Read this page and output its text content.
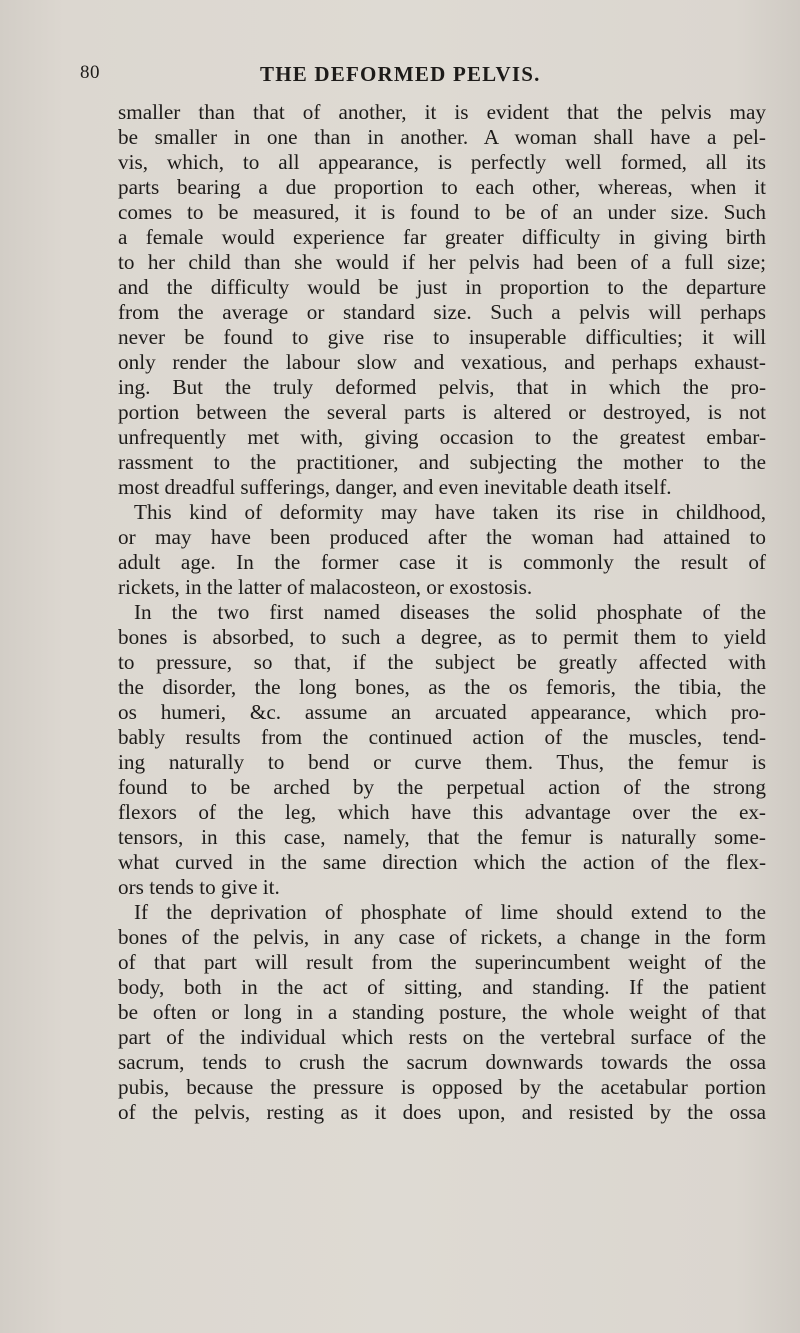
80	THE DEFORMED PELVIS.
smaller than that of another, it is evident that the pelvis may
be smaller in one than in another. A woman shall have a pel-
vis, which, to all appearance, is perfectly well formed, all its
parts bearing a due proportion to each other, whereas, when it
comes to be measured, it is found to be of an under size. Such
a female would experience far greater difficulty in giving birth
to her child than she would if her pelvis had been of a full size;
and the difficulty would be just in proportion to the departure
from the average or standard size. Such a pelvis will perhaps
never be found to give rise to insuperable difficulties; it will
only render the labour slow and vexatious, and perhaps exhaust-
ing. But the truly deformed pelvis, that in which the pro-
portion between the several parts is altered or destroyed, is not
unfrequently met with, giving occasion to the greatest embar-
rassment to the practitioner, and subjecting the mother to the
most dreadful sufferings, danger, and even inevitable death itself.
This kind of deformity may have taken its rise in childhood,
or may have been produced after the woman had attained to
adult age. In the former case it is commonly the result of
rickets, in the latter of malacosteon, or exostosis.
In the two first named diseases the solid phosphate of the
bones is absorbed, to such a degree, as to permit them to yield
to pressure, so that, if the subject be greatly affected with
the disorder, the long bones, as the os femoris, the tibia, the
os humeri, &c. assume an arcuated appearance, which pro-
bably results from the continued action of the muscles, tend-
ing naturally to bend or curve them. Thus, the femur is
found to be arched by the perpetual action of the strong
flexors of the leg, which have this advantage over the ex-
tensors, in this case, namely, that the femur is naturally some-
what curved in the same direction which the action of the flex-
ors tends to give it.
If the deprivation of phosphate of lime should extend to the
bones of the pelvis, in any case of rickets, a change in the form
of that part will result from the superincumbent weight of the
body, both in the act of sitting, and standing. If the patient
be often or long in a standing posture, the whole weight of that
part of the individual which rests on the vertebral surface of the
sacrum, tends to crush the sacrum downwards towards the ossa
pubis, because the pressure is opposed by the acetabular portion
of the pelvis, resting as it does upon, and resisted by the ossa
